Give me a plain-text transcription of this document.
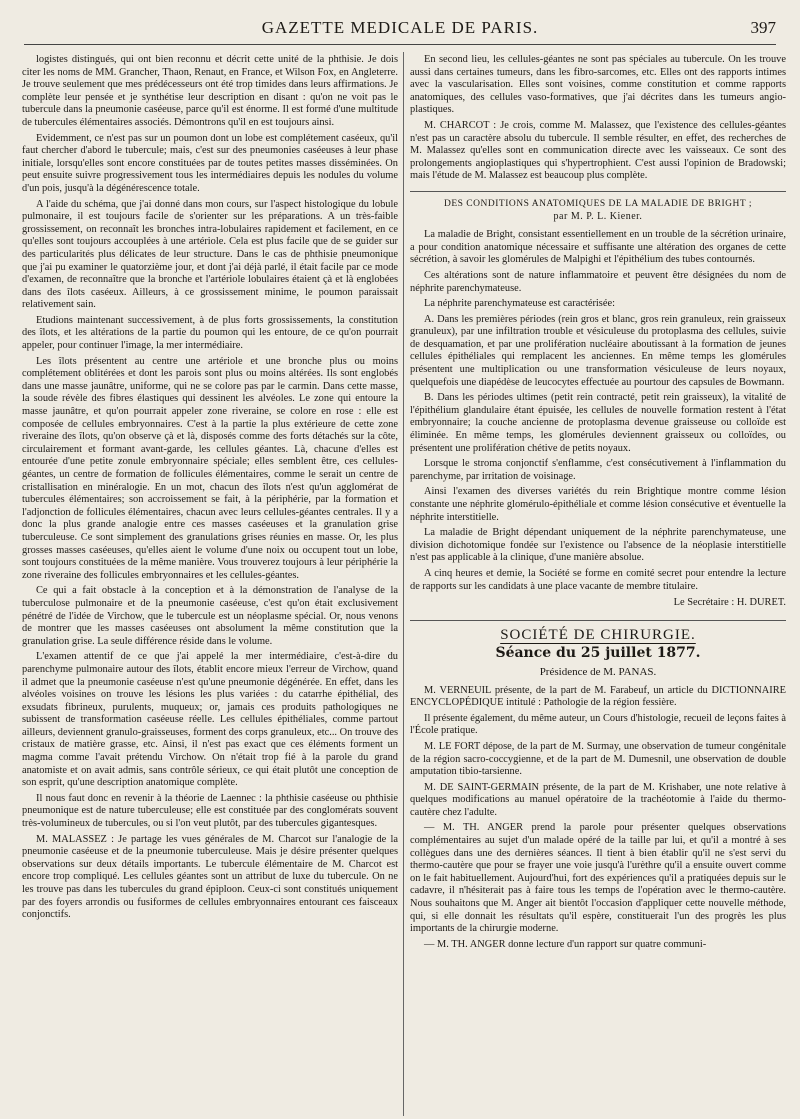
GAZETTE MEDICALE DE PARIS.	397

logistes distingués, qui ont bien reconnu et décrit cette unité de la phthisie. Je dois citer les noms de MM. Grancher, Thaon, Renaut, en France, et Wilson Fox, en Angleterre. Je trouve seulement que mes prédécesseurs ont été trop timides dans leurs affirmations. Je complète leur pensée et je synthétise leur description en disant : qu'on ne voit pas le tubercule dans la pneumonie caséeuse, parce qu'il est énorme. Il est formé d'une multitude de tubercules élémentaires associés. Démontrons qu'il en est toujours ainsi.

Evidemment, ce n'est pas sur un poumon dont un lobe est complétement caséeux, qu'il faut chercher d'abord le tubercule; mais, c'est sur des pneumonies caséeuses à leur phase initiale, lorsqu'elles sont encore constituées par de toutes petites masses disséminées. On peut ensuite suivre progressivement tous les intermédiaires depuis les nodules du volume d'un pois, jusqu'à la dégénérescence totale.

A l'aide du schéma, que j'ai donné dans mon cours, sur l'aspect histologique du lobule pulmonaire, il est toujours facile de s'orienter sur les préparations. A un très-faible grossissement, on reconnaît les bronches intra-lobulaires rapidement et facilement, en ce qu'elles sont toujours accouplées à une artériole. Cela est plus facile que de se guider sur des particularités plus délicates de leur structure. Dans le cas de phthisie pneumonique que j'ai pu examiner le quatorzième jour, et dont j'ai déjà parlé, il était facile par ce mode d'examen, de reconnaître que la bronche et l'artériole lobulaires étaient çà et là englobées dans des îlots caséeux. Ailleurs, à ce grossissement minime, le poumon paraissait relativement sain.

Etudions maintenant successivement, à de plus forts grossissements, la constitution des îlots, et les altérations de la partie du poumon qui les entoure, de ce qu'on pourrait appeler, pour continuer l'image, la mer intermédiaire.

Les îlots présentent au centre une artériole et une bronche plus ou moins complétement oblitérées et dont les parois sont plus ou moins altérées. Ils sont englobés dans une masse jaunâtre, uniforme, qui ne se colore pas par le carmin. Dans cette masse, la soude révèle des fibres élastiques qui dessinent les alvéoles. Le zone qui entoure la masse jaunâtre, et qu'on pourrait appeler zone riveraine, se colore en rose : elle est composée de cellules embryonnaires. C'est à la partie la plus extérieure de cette zone riveraine des îlots, qu'on observe çà et là, disposés comme des forts détachés sur la côte, circulairement et formant avant-garde, les cellules géantes. Là, chacune d'elles est entourée d'une petite zonule embryonnaire spéciale; elles semblent être, ces cellules-géantes, un centre de formation de follicules élémentaires, comme le serait un centre de cristallisation en minéralogie. En un mot, chacun des îlots n'est qu'un agglomérat de tubercules élémentaires; son accroissement se fait, à la périphérie, par la formation et l'adjonction de follicules élémentaires, chacun avec leurs cellules-géantes centrales. Il y a donc la plus grande analogie entre ces masses caséeuses et la granulation grise tuberculeuse. Ce sont simplement des granulations grises réunies en masse. Or, les plus grosses masses caséeuses, qu'elles aient le volume d'une noix ou occupent tout un lobe, sont toujours constituées de la même manière. Vous trouverez toujours à leur périphérie la zone riveraine des follicules embryonnaires et les cellules-géantes.

Ce qui a fait obstacle à la conception et à la démonstration de l'analyse de la tuberculose pulmonaire et de la pneumonie caséeuse, c'est qu'on était exclusivement pénétré de l'idée de Virchow, que le tubercule est un néoplasme spécial. Or, nous venons de montrer que les masses caséeuses ont absolument la même constitution que la granulation grise. La seule différence réside dans le volume.

L'examen attentif de ce que j'ai appelé la mer intermédiaire, c'est-à-dire du parenchyme pulmonaire autour des îlots, établit encore mieux l'erreur de Virchow, quand il admet que la pneumonie caséeuse n'est qu'une pneumonie dégénérée. En effet, dans les alvéoles voisines on trouve les lésions les plus variées : du catarrhe épithélial, des exsudats fibrineux, purulents, muqueux; or, jamais ces produits pathologiques ne subissent de transformation caséeuse réelle. Les cellules épithéliales, comme partout ailleurs, deviennent granulo-graisseuses, forment des corps granuleux, etc... On trouve des cristaux de matière grasse, etc. Ainsi, il n'est pas exact que ces éléments forment un magma comme l'avait prétendu Virchow. On n'était trop fié à la parole du grand anatomiste et on avait admis, sans contrôle sérieux, ce qui était plutôt une conception de son esprit, qu'une description anatomique complète.

Il nous faut donc en revenir à la théorie de Laennec : la phthisie caséeuse ou phthisie pneumonique est de nature tuberculeuse; elle est constituée par des conglomérats souvent très-volumineux de tubercules, ou si l'on veut plutôt, par des tubercules gigantesques.

M. MALASSEZ : Je partage les vues générales de M. Charcot sur l'analogie de la pneumonie caséeuse et de la pneumonie tuberculeuse. Mais je désire présenter quelques observations sur deux détails importants. Le tubercule élémentaire de M. Charcot est encore trop compliqué. Les cellules géantes sont un attribut de luxe du tubercule. On ne les trouve pas dans les tubercules du grand épiploon. Ceux-ci sont constitués uniquement par des foyers arrondis ou fusiformes de cellules embryonnaires entourant ces faisceaux conjonctifs.

En second lieu, les cellules-géantes ne sont pas spéciales au tubercule. On les trouve aussi dans certaines tumeurs, dans les fibro-sarcomes, etc. Elles ont des rapports intimes avec la vascularisation. Elles sont voisines, comme constitution et comme rapports anatomiques, des cellules vaso-formatives, que j'ai décrites dans les tumeurs angio-plastiques.

M. CHARCOT : Je crois, comme M. Malassez, que l'existence des cellules-géantes n'est pas un caractère absolu du tubercule. Il semble résulter, en effet, des recherches de M. Malassez qu'elles sont en communication directe avec les vaisseaux. Ce sont des prolongements angioplastiques qui s'hypertrophient. C'est aussi l'opinion de Bradowski; mais l'étude de M. Malassez est beaucoup plus complète.

DES CONDITIONS ANATOMIQUES DE LA MALADIE DE BRIGHT ;
par M. P. L. Kiener.

La maladie de Bright, consistant essentiellement en un trouble de la sécrétion urinaire, a pour condition anatomique nécessaire et suffisante une altération des organes de cette sécrétion, à savoir les glomérules de Malpighi et l'épithélium des tubes contournés.

Ces altérations sont de nature inflammatoire et peuvent être désignées du nom de néphrite parenchymateuse.

La néphrite parenchymateuse est caractérisée:

A. Dans les premières périodes (rein gros et blanc, gros rein granuleux, rein graisseux granuleux), par une infiltration trouble et vésiculeuse du protoplasma des cellules, suivie de desquamation, et par une prolifération nucléaire aboutissant à la formation de jeunes cellules épithéliales qui remplacent les anciennes. En même temps les glomérules présentent une multiplication ou une transformation vésiculeuse de leurs noyaux, quelquefois une diapédèse de leucocytes effectuée au pourtour des capsules de Bowmann.

B. Dans les périodes ultimes (petit rein contracté, petit rein graisseux), la vitalité de l'épithélium glandulaire étant épuisée, les cellules de nouvelle formation restent à l'état embryonnaire; la couche ancienne de protoplasma devenue graisseuse ou colloïde est éliminée. En même temps, les glomérules deviennent graisseux ou colloïdes, ou présentent une prolifération chétive de petits noyaux.

Lorsque le stroma conjonctif s'enflamme, c'est consécutivement à l'inflammation du parenchyme, par irritation de voisinage.

Ainsi l'examen des diverses variétés du rein Brightique montre comme lésion constante une néphrite glomérulo-épithéliale et comme lésion consécutive et éventuelle la néphrite interstitielle.

La maladie de Bright dépendant uniquement de la néphrite parenchymateuse, une division dichotomique fondée sur l'existence ou l'absence de la néoplasie interstitielle n'est pas applicable à la clinique, d'une manière absolue.

A cinq heures et demie, la Société se forme en comité secret pour entendre la lecture de rapports sur les candidats à une place vacante de membre titulaire.

Le Secrétaire : H. DURET.

SOCIÉTÉ DE CHIRURGIE.

Séance du 25 juillet 1877.

Présidence de M. PANAS.

M. VERNEUIL présente, de la part de M. Farabeuf, un article du DICTIONNAIRE ENCYCLOPÉDIQUE intitulé : Pathologie de la région fessière.

Il présente également, du même auteur, un Cours d'histologie, recueil de leçons faites à l'École pratique.

M. LE FORT dépose, de la part de M. Surmay, une observation de tumeur congénitale de la région sacro-coccygienne, et de la part de M. Dumesnil, une observation de double amputation tibio-tarsienne.

M. DE SAINT-GERMAIN présente, de la part de M. Krishaber, une note relative à quelques modifications au manuel opératoire de la trachéotomie à l'aide du thermo-cautère chez l'adulte.

— M. TH. ANGER prend la parole pour présenter quelques observations complémentaires au sujet d'un malade opéré de la taille par lui, et qu'il a montré à ses collègues dans une des dernières séances. Il tient à bien établir qu'il ne s'est servi du thermo-cautère que pour se frayer une voie jusqu'à l'urèthre qu'il a ensuite ouvert comme on le fait habituellement. Aujourd'hui, fort des expériences qu'il a pratiquées depuis sur le cadavre, il n'hésiterait pas à faire tous les temps de l'opération avec le thermo-cautère. Nous souhaitons que M. Anger ait bientôt l'occasion d'appliquer cette nouvelle méthode, qui, si elle donnait les résultats qu'il espère, constituerait l'un des progrès les plus importants de la chirurgie moderne.

— M. TH. ANGER donne lecture d'un rapport sur quatre communi-
